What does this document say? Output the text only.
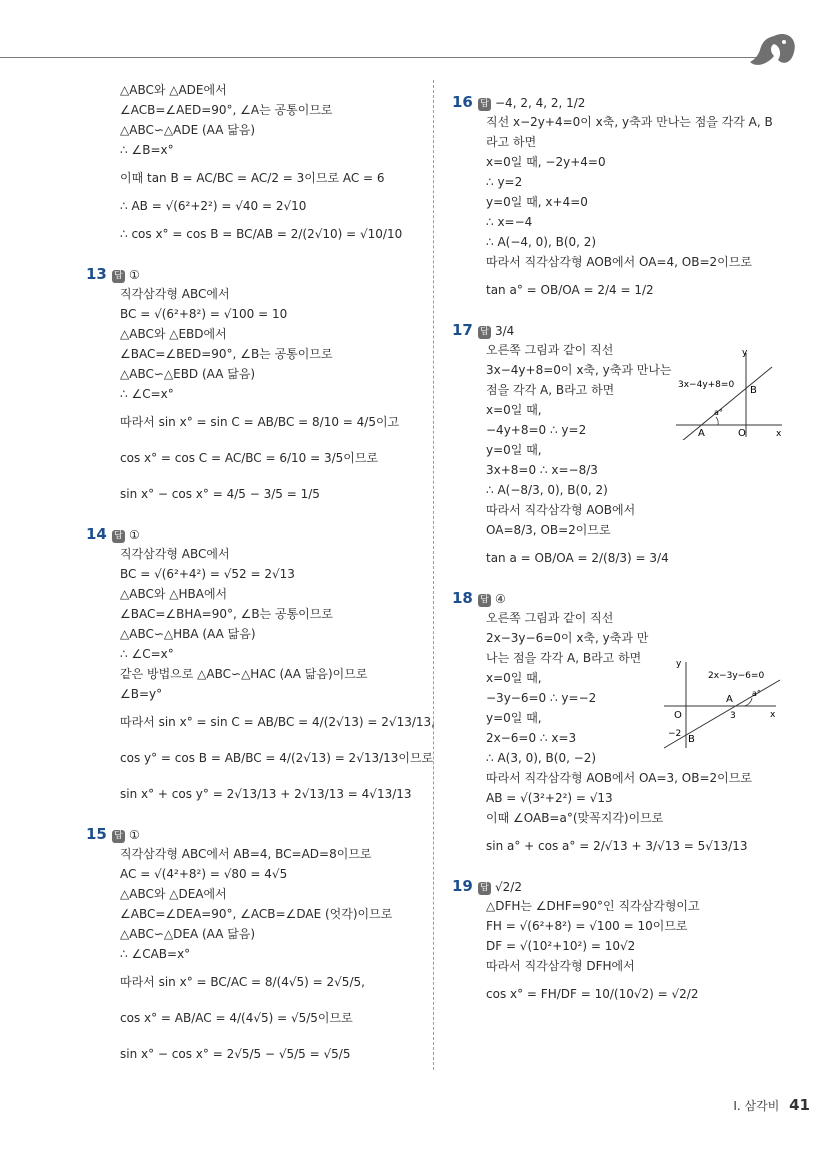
△ABC와 △ADE에서
∠ACB=∠AED=90°, ∠A는 공통이므로
△ABC∽△ADE (AA 닮음)
∴ ∠B=x°
이때 tan B = AC/BC = AC/2 = 3이므로 AC = 6
∴ AB = √(6²+2²) = √40 = 2√10
∴ cos x° = cos B = BC/AB = 2/(2√10) = √10/10
13 답 ①
직각삼각형 ABC에서
BC = √(6²+8²) = √100 = 10
△ABC와 △EBD에서
∠BAC=∠BED=90°, ∠B는 공통이므로
△ABC∽△EBD (AA 닮음)
∴ ∠C=x°
따라서 sin x° = sin C = AB/BC = 8/10 = 4/5이고
cos x° = cos C = AC/BC = 6/10 = 3/5이므로
sin x° − cos x° = 4/5 − 3/5 = 1/5
14 답 ①
직각삼각형 ABC에서
BC = √(6²+4²) = √52 = 2√13
△ABC와 △HBA에서
∠BAC=∠BHA=90°, ∠B는 공통이므로
△ABC∽△HBA (AA 닮음)
∴ ∠C=x°
같은 방법으로 △ABC∽△HAC (AA 닮음)이므로
∠B=y°
따라서 sin x° = sin C = AB/BC = 4/(2√13) = 2√13/13,
cos y° = cos B = AB/BC = 4/(2√13) = 2√13/13이므로
sin x° + cos y° = 2√13/13 + 2√13/13 = 4√13/13
15 답 ①
직각삼각형 ABC에서 AB=4, BC=AD=8이므로
AC = √(4²+8²) = √80 = 4√5
△ABC와 △DEA에서
∠ABC=∠DEA=90°, ∠ACB=∠DAE (엇각)이므로
△ABC∽△DEA (AA 닮음)
∴ ∠CAB=x°
따라서 sin x° = BC/AC = 8/(4√5) = 2√5/5,
cos x° = AB/AC = 4/(4√5) = √5/5이므로
sin x° − cos x° = 2√5/5 − √5/5 = √5/5
16 답 −4, 2, 4, 2, 1/2
직선 x−2y+4=0이 x축, y축과 만나는 점을 각각 A, B
라고 하면
x=0일 때, −2y+4=0
∴ y=2
y=0일 때, x+4=0
∴ x=−4
∴ A(−4, 0), B(0, 2)
따라서 직각삼각형 AOB에서 OA=4, OB=2이므로
tan a° = OB/OA = 2/4 = 1/2
17 답 3/4
오른쪽 그림과 같이 직선
3x−4y+8=0이 x축, y축과 만나는
점을 각각 A, B라고 하면
x=0일 때,
−4y+8=0 ∴ y=2
y=0일 때,
3x+8=0 ∴ x=−8/3
∴ A(−8/3, 0), B(0, 2)
따라서 직각삼각형 AOB에서
OA=8/3, OB=2이므로
tan a = OB/OA = 2/(8/3) = 3/4
18 답 ④
오른쪽 그림과 같이 직선
2x−3y−6=0이 x축, y축과 만
나는 점을 각각 A, B라고 하면
x=0일 때,
−3y−6=0 ∴ y=−2
y=0일 때,
2x−6=0 ∴ x=3
∴ A(3, 0), B(0, −2)
따라서 직각삼각형 AOB에서 OA=3, OB=2이므로
AB = √(3²+2²) = √13
이때 ∠OAB=a°(맞꼭지각)이므로
sin a° + cos a° = 2/√13 + 3/√13 = 5√13/13
19 답 √2/2
△DFH는 ∠DHF=90°인 직각삼각형이고
FH = √(6²+8²) = √100 = 10이므로
DF = √(10²+10²) = 10√2
따라서 직각삼각형 DFH에서
cos x° = FH/DF = 10/(10√2) = √2/2
y
x
B
A	O
a°
3x−4y+8=0
y
x
O
A
3
−2 B
a°
2x−3y−6=0
Ⅰ. 삼각비 41
